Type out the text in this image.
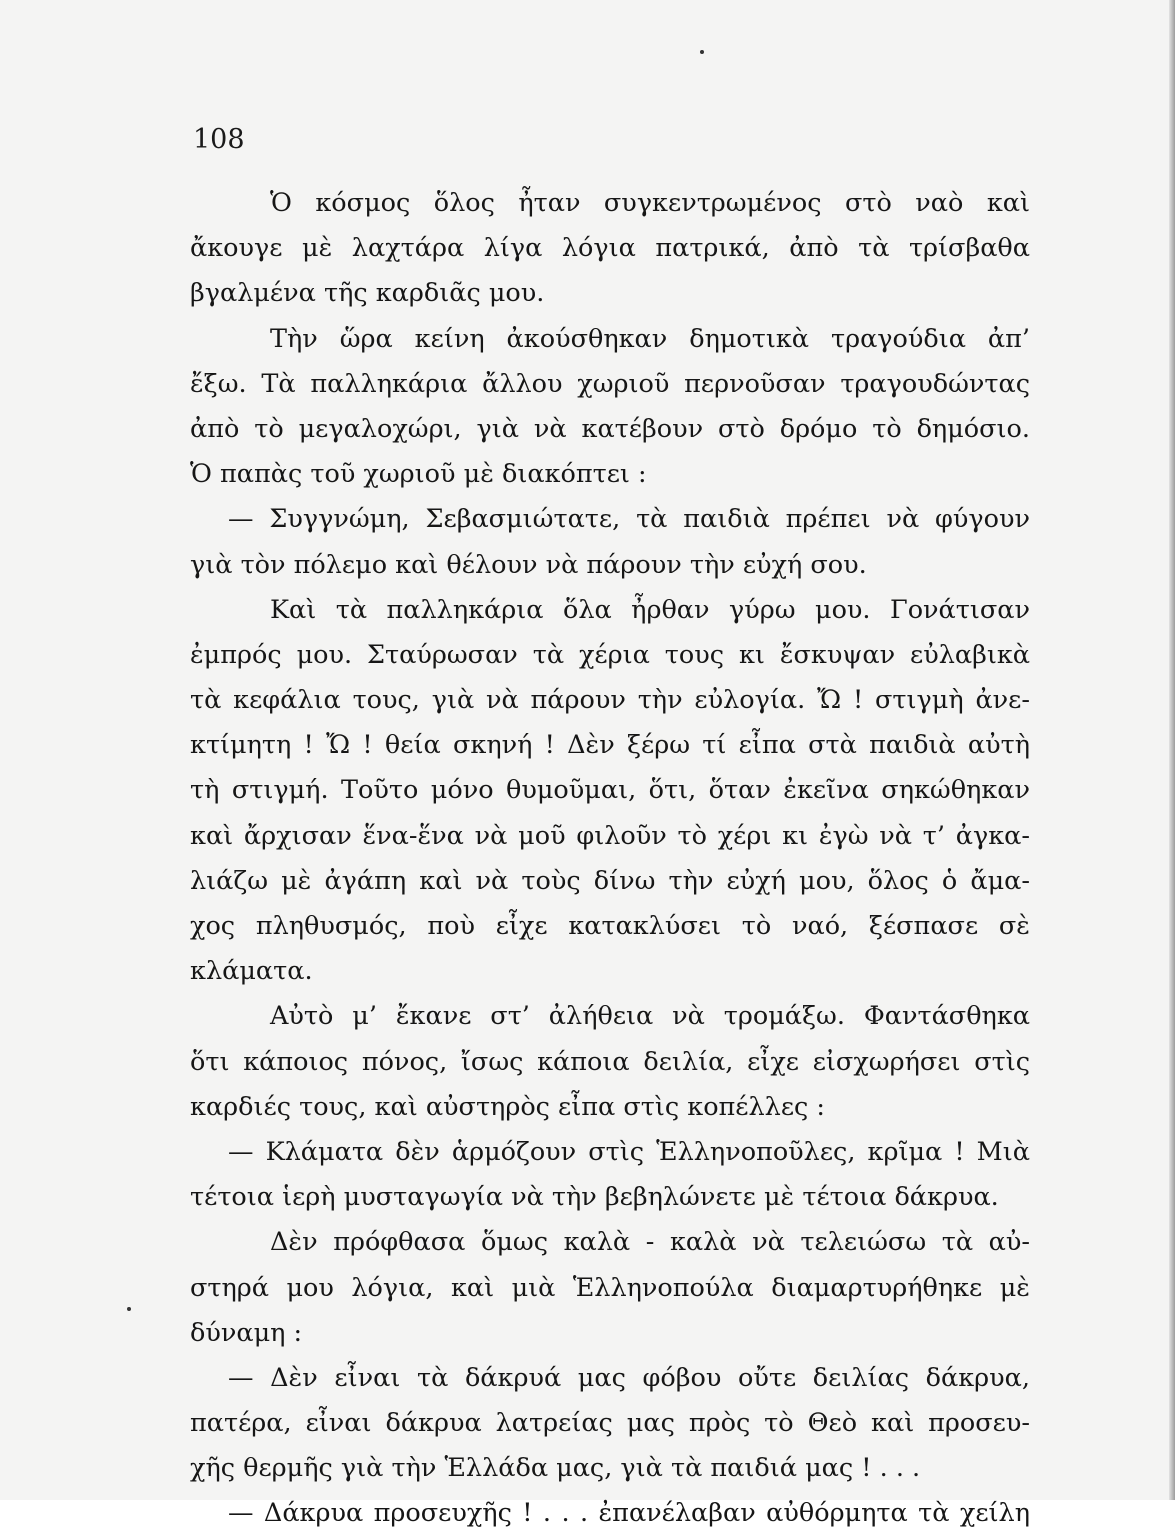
108

Ὁ κόσμος ὅλος ἦταν συγκεντρωμένος στὸ ναὸ καὶ
ἄκουγε μὲ λαχτάρα λίγα λόγια πατρικά, ἀπὸ τὰ τρίσβαθα
βγαλμένα τῆς καρδιᾶς μου.
Τὴν ὥρα κείνη ἀκούσθηκαν δημοτικὰ τραγούδια ἀπ’
ἔξω. Τὰ παλληκάρια ἄλλου χωριοῦ περνοῦσαν τραγουδώντας
ἀπὸ τὸ μεγαλοχώρι, γιὰ νὰ κατέβουν στὸ δρόμο τὸ δημόσιο.
Ὁ παπὰς τοῦ χωριοῦ μὲ διακόπτει :
— Συγγνώμη, Σεβασμιώτατε, τὰ παιδιὰ πρέπει νὰ φύγουν
γιὰ τὸν πόλεμο καὶ θέλουν νὰ πάρουν τὴν εὐχή σου.
Καὶ τὰ παλληκάρια ὅλα ἦρθαν γύρω μου. Γονάτισαν
ἐμπρός μου. Σταύρωσαν τὰ χέρια τους κι ἔσκυψαν εὐλαβικὰ
τὰ κεφάλια τους, γιὰ νὰ πάρουν τὴν εὐλογία. Ὤ ! στιγμὴ ἀνε-
κτίμητη ! Ὤ ! θεία σκηνή ! Δὲν ξέρω τί εἶπα στὰ παιδιὰ αὐτὴ
τὴ στιγμή. Τοῦτο μόνο θυμοῦμαι, ὅτι, ὅταν ἐκεῖνα σηκώθηκαν
καὶ ἄρχισαν ἕνα-ἕνα νὰ μοῦ φιλοῦν τὸ χέρι κι ἐγὼ νὰ τ’ ἀγκα-
λιάζω μὲ ἀγάπη καὶ νὰ τοὺς δίνω τὴν εὐχή μου, ὅλος ὁ ἄμα-
χος πληθυσμός, ποὺ εἶχε κατακλύσει τὸ ναό, ξέσπασε σὲ
κλάματα.
Αὐτὸ μ’ ἔκανε στ’ ἀλήθεια νὰ τρομάξω. Φαντάσθηκα
ὅτι κάποιος πόνος, ἴσως κάποια δειλία, εἶχε εἰσχωρήσει στὶς
καρδιές τους, καὶ αὐστηρὸς εἶπα στὶς κοπέλλες :
— Κλάματα δὲν ἁρμόζουν στὶς Ἑλληνοποῦλες, κρῖμα ! Μιὰ
τέτοια ἱερὴ μυσταγωγία νὰ τὴν βεβηλώνετε μὲ τέτοια δάκρυα.
Δὲν πρόφθασα ὅμως καλὰ - καλὰ νὰ τελειώσω τὰ αὐ-
στηρά μου λόγια, καὶ μιὰ Ἑλληνοπούλα διαμαρτυρήθηκε μὲ
δύναμη :
— Δὲν εἶναι τὰ δάκρυά μας φόβου οὔτε δειλίας δάκρυα,
πατέρα, εἶναι δάκρυα λατρείας μας πρὸς τὸ Θεὸ καὶ προσευ-
χῆς θερμῆς γιὰ τὴν Ἑλλάδα μας, γιὰ τὰ παιδιά μας ! . . .
— Δάκρυα προσευχῆς ! . . . ἐπανέλαβαν αὐθόρμητα τὰ χείλη
